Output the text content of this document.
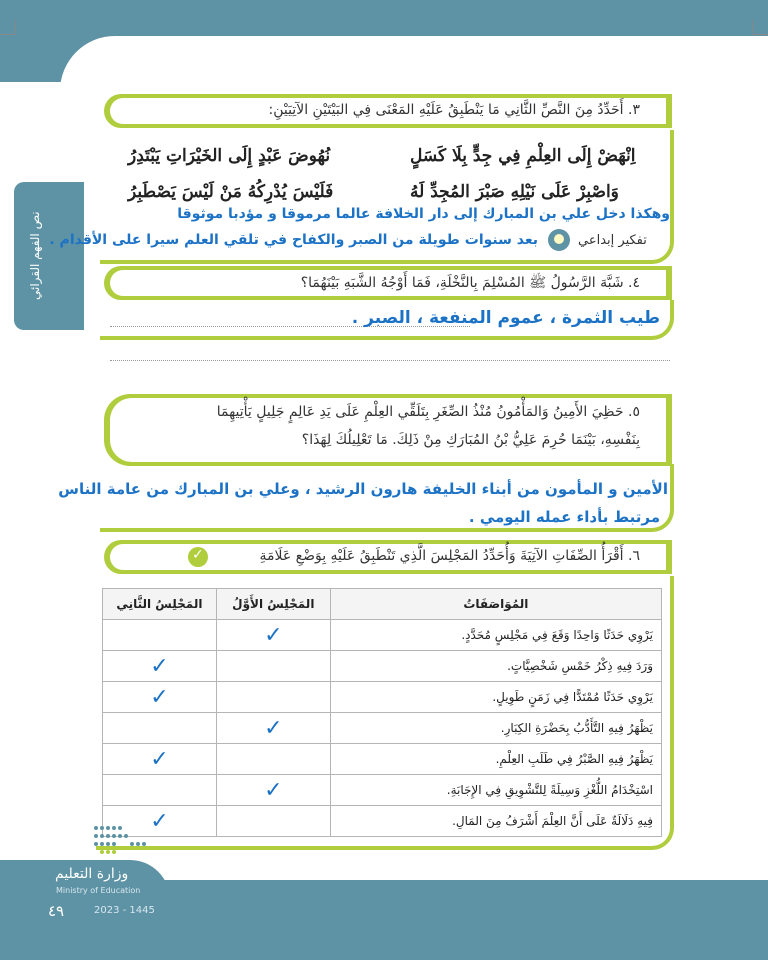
نص الفهم القرائي
٣. أَحَدِّدُ مِنَ النَّصِّ الثَّانِي مَا يَنْطَبِقُ عَلَيْهِ المَعْنَى فِي البَيْتَيْنِ الآتِيَيْنِ:
اِنْهَضْ إِلَى العِلْمِ فِي جِدٍّ بِلَا كَسَلٍ
نُهُوضَ عَبْدٍ إِلَى الخَيْرَاتِ يَبْتَدِرُ
وَاصْبِرْ عَلَى نَيْلِهِ صَبْرَ المُجِدِّ لَهُ
فَلَيْسَ يُدْرِكُهُ مَنْ لَيْسَ يَصْطَبِرُ
وهكذا دخل علي بن المبارك إلى دار الخلافة عالما مرموقا و مؤدبا موثوقا
بعد سنوات طويلة من الصبر والكفاح في تلقي العلم سيرا على الأقدام .	تفكير إبداعي
٤. شَبَّهَ الرَّسُولُ ﷺ المُسْلِمَ بِالنَّخْلَةِ، فَمَا أَوْجُهُ الشَّبَهِ بَيْنَهُمَا؟
طيب الثمرة ، عموم المنفعة ، الصبر .
٥. حَظِيَ الأَمِينُ وَالمَأْمُونُ مُنْذُ الصِّغَرِ بِتَلَقِّي العِلْمِ عَلَى يَدِ عَالِمٍ جَلِيلٍ يَأْتِيهِمَا
بِنَفْسِهِ، بَيْنَمَا حُرِمَ عَلِيُّ بْنُ المُبَارَكِ مِنْ ذَلِكَ. مَا تَعْلِيلُكَ لِهَذَا؟
الأمين و المأمون من أبناء الخليفة هارون الرشيد ، وعلي بن المبارك من عامة الناس
مرتبط بأداء عمله اليومي .
٦. أَقْرَأُ الصِّفَاتِ الآتِيَةَ وَأُحَدِّدُ المَجْلِسَ الَّذِي تَنْطَبِقُ عَلَيْهِ بِوَضْعِ عَلَامَةِ
✓
المُوَاصَفَاتُ	المَجْلِسُ الأَوَّلُ	المَجْلِسُ الثَّانِي
يَرْوِي حَدَثًا وَاحِدًا وَقَعَ فِي مَجْلِسٍ مُحَدَّدٍ.	✓	
وَرَدَ فِيهِ ذِكْرُ خَمْسِ شَخْصِيَّاتٍ.		✓
يَرْوِي حَدَثًا مُمْتَدًّا فِي زَمَنٍ طَوِيلٍ.		✓
يَظْهَرُ فِيهِ التَّأَدُّبُ بِحَضْرَةِ الكِبَارِ.	✓	
يَظْهَرُ فِيهِ الصَّبْرُ فِي طَلَبِ العِلْمِ.		✓
اسْتِخْدَامُ اللُّغْزِ وَسِيلَةً لِلتَّشْوِيقِ فِي الإِجَابَةِ.	✓	
فِيهِ دَلَالَةٌ عَلَى أَنَّ العِلْمَ أَشْرَفُ مِنَ المَالِ.		✓
وزارة التعليم
Ministry of Education
٤٩	2023 - 1445
